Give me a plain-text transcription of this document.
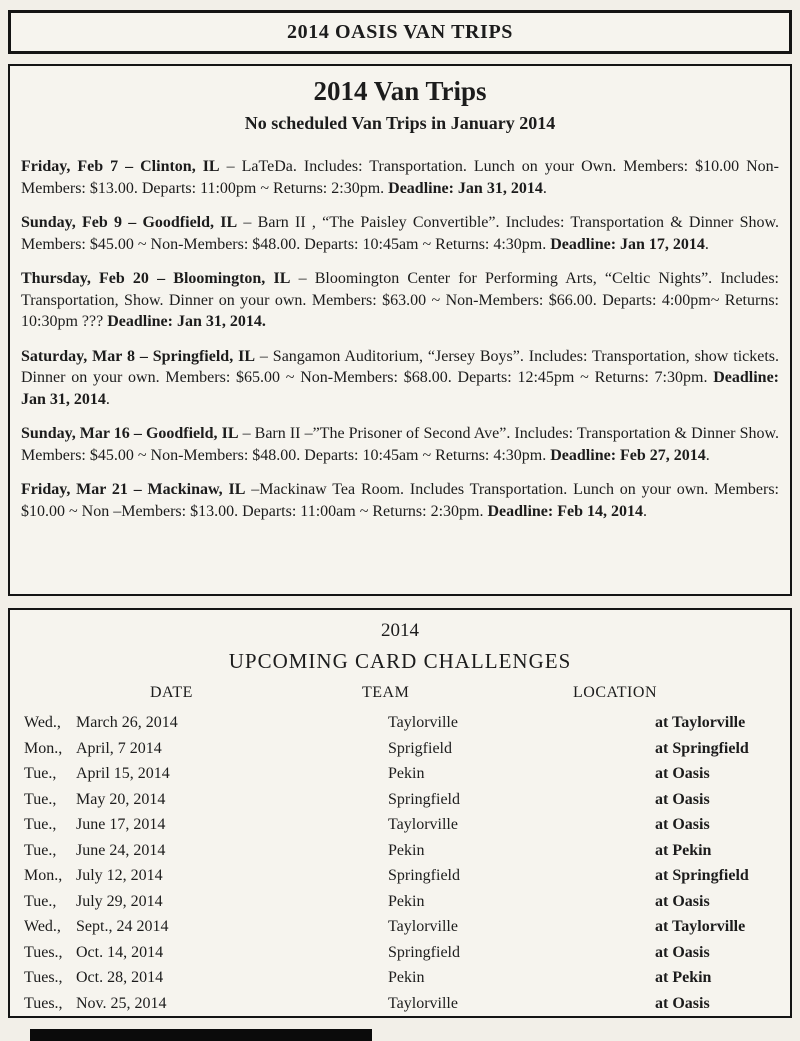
2014 OASIS VAN TRIPS
2014 Van Trips
No scheduled Van Trips in January 2014

Friday, Feb 7 – Clinton, IL – LaTeDa. Includes: Transportation. Lunch on your Own. Members: $10.00 Non-Members: $13.00. Departs: 11:00pm ~ Returns: 2:30pm. Deadline: Jan 31, 2014.

Sunday, Feb 9 – Goodfield, IL – Barn II , “The Paisley Convertible”. Includes: Transportation & Dinner Show. Members: $45.00 ~ Non-Members: $48.00. Departs: 10:45am ~ Returns: 4:30pm. Deadline: Jan 17, 2014.

Thursday, Feb 20 – Bloomington, IL – Bloomington Center for Performing Arts, “Celtic Nights”. Includes: Transportation, Show. Dinner on your own. Members: $63.00 ~ Non-Members: $66.00. Departs: 4:00pm~ Returns: 10:30pm ??? Deadline: Jan 31, 2014.

Saturday, Mar 8 – Springfield, IL – Sangamon Auditorium, “Jersey Boys”. Includes: Transportation, show tickets. Dinner on your own. Members: $65.00 ~ Non-Members: $68.00. Departs: 12:45pm ~ Returns: 7:30pm. Deadline: Jan 31, 2014.

Sunday, Mar 16 – Goodfield, IL – Barn II –”The Prisoner of Second Ave”. Includes: Transportation & Dinner Show. Members: $45.00 ~ Non-Members: $48.00. Departs: 10:45am ~ Returns: 4:30pm. Deadline: Feb 27, 2014.

Friday, Mar 21 – Mackinaw, IL –Mackinaw Tea Room. Includes Transportation. Lunch on your own. Members: $10.00 ~ Non –Members: $13.00. Departs: 11:00am ~ Returns: 2:30pm. Deadline: Feb 14, 2014.

2014

UPCOMING CARD CHALLENGES

DATE	TEAM	LOCATION
Wed., March 26, 2014	Taylorville	at Taylorville
Mon., April, 7 2014	Sprigfield	at Springfield
Tue., April 15, 2014	Pekin	at Oasis
Tue., May 20, 2014	Springfield	at Oasis
Tue., June 17, 2014	Taylorville	at Oasis
Tue., June 24, 2014	Pekin	at Pekin
Mon., July 12, 2014	Springfield	at Springfield
Tue., July 29, 2014	Pekin	at Oasis
Wed., Sept., 24 2014	Taylorville	at Taylorville
Tues., Oct. 14, 2014	Springfield	at Oasis
Tues., Oct. 28, 2014	Pekin	at Pekin
Tues., Nov. 25, 2014	Taylorville	at Oasis
